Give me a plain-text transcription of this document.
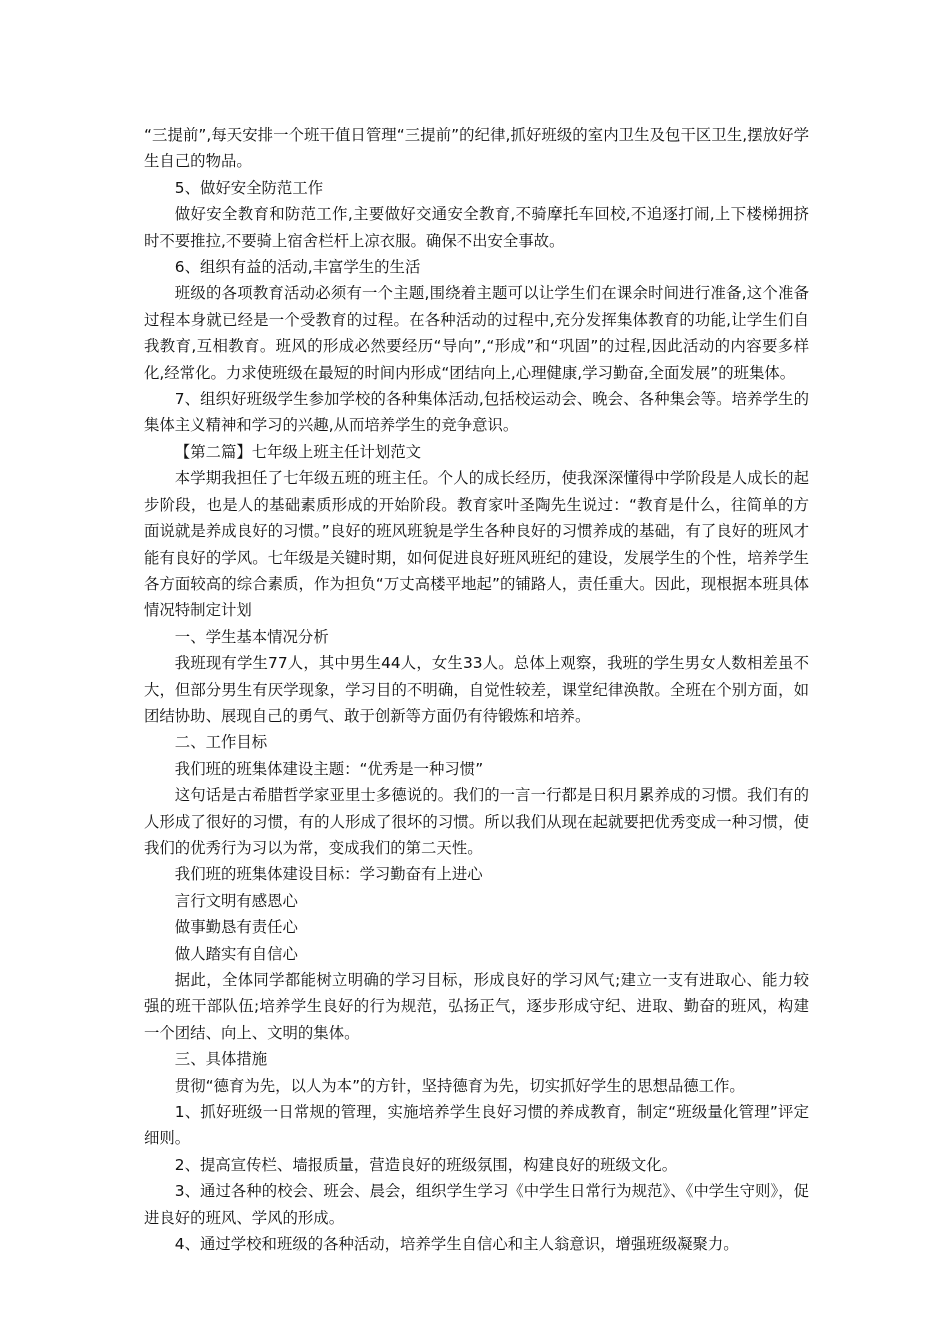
“三提前”,每天安排一个班干值日管理“三提前”的纪律,抓好班级的室内卫生及包干区卫生,摆放好学生自己的物品。

5、做好安全防范工作

做好安全教育和防范工作,主要做好交通安全教育,不骑摩托车回校,不追逐打闹,上下楼梯拥挤时不要推拉,不要骑上宿舍栏杆上凉衣服。确保不出安全事故。

6、组织有益的活动,丰富学生的生活

班级的各项教育活动必须有一个主题,围绕着主题可以让学生们在课余时间进行准备,这个准备过程本身就已经是一个受教育的过程。在各种活动的过程中,充分发挥集体教育的功能,让学生们自我教育,互相教育。班风的形成必然要经历“导向”,“形成”和“巩固”的过程,因此活动的内容要多样化,经常化。力求使班级在最短的时间内形成“团结向上,心理健康,学习勤奋,全面发展”的班集体。

7、组织好班级学生参加学校的各种集体活动,包括校运动会、晚会、各种集会等。培养学生的集体主义精神和学习的兴趣,从而培养学生的竞争意识。

【第二篇】七年级上班主任计划范文

本学期我担任了七年级五班的班主任。个人的成长经历，使我深深懂得中学阶段是人成长的起步阶段，也是人的基础素质形成的开始阶段。教育家叶圣陶先生说过：“教育是什么，往简单的方面说就是养成良好的习惯。”良好的班风班貌是学生各种良好的习惯养成的基础，有了良好的班风才能有良好的学风。七年级是关键时期，如何促进良好班风班纪的建设，发展学生的个性，培养学生各方面较高的综合素质，作为担负“万丈高楼平地起”的铺路人，责任重大。因此，现根据本班具体情况特制定计划

一、学生基本情况分析

我班现有学生77人，其中男生44人，女生33人。总体上观察，我班的学生男女人数相差虽不大，但部分男生有厌学现象，学习目的不明确，自觉性较差，课堂纪律涣散。全班在个别方面，如团结协助、展现自己的勇气、敢于创新等方面仍有待锻炼和培养。

二、工作目标

我们班的班集体建设主题：“优秀是一种习惯”

这句话是古希腊哲学家亚里士多德说的。我们的一言一行都是日积月累养成的习惯。我们有的人形成了很好的习惯，有的人形成了很坏的习惯。所以我们从现在起就要把优秀变成一种习惯，使我们的优秀行为习以为常，变成我们的第二天性。

我们班的班集体建设目标：学习勤奋有上进心

言行文明有感恩心

做事勤恳有责任心

做人踏实有自信心

据此，全体同学都能树立明确的学习目标，形成良好的学习风气;建立一支有进取心、能力较强的班干部队伍;培养学生良好的行为规范，弘扬正气，逐步形成守纪、进取、勤奋的班风，构建一个团结、向上、文明的集体。

三、具体措施

贯彻“德育为先，以人为本”的方针，坚持德育为先，切实抓好学生的思想品德工作。

1、抓好班级一日常规的管理，实施培养学生良好习惯的养成教育，制定“班级量化管理”评定细则。

2、提高宣传栏、墙报质量，营造良好的班级氛围，构建良好的班级文化。

3、通过各种的校会、班会、晨会，组织学生学习《中学生日常行为规范》、《中学生守则》，促进良好的班风、学风的形成。

4、通过学校和班级的各种活动，培养学生自信心和主人翁意识，增强班级凝聚力。
